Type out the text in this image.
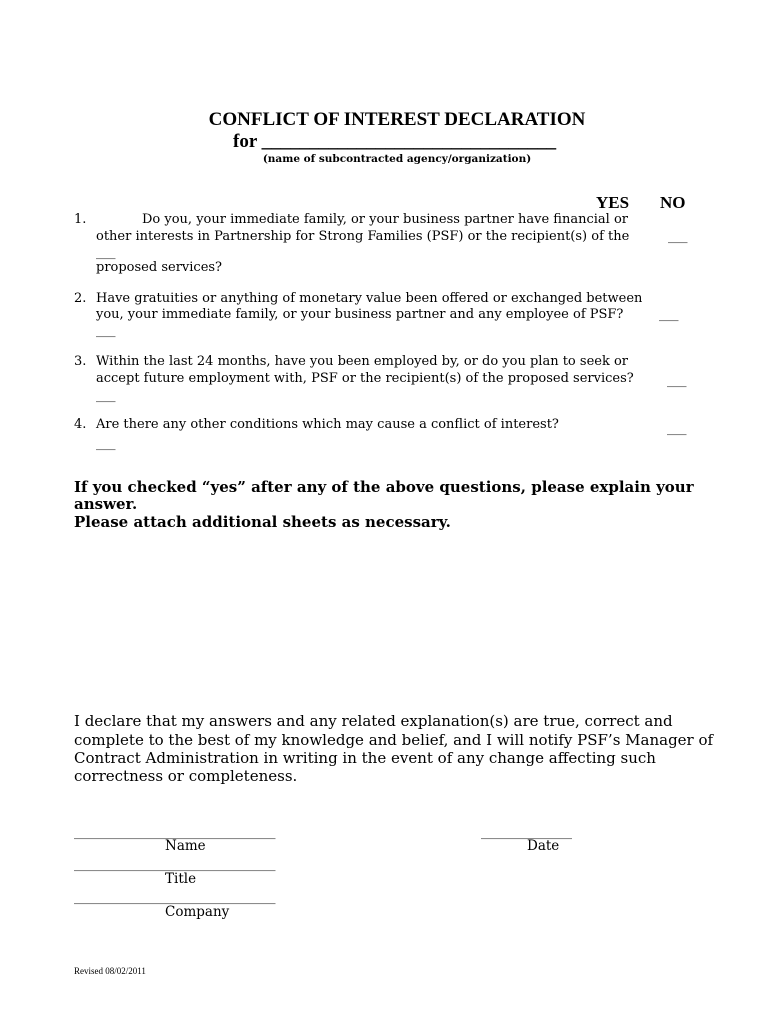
CONFLICT OF INTEREST DECLARATION
for _______________________________
(name of subcontracted agency/organization)
YES NO
1.	Do you, your immediate family, or your business partner have financial or
other interests in Partnership for Strong Families (PSF) or the recipient(s) of the	___
___
proposed services?
2. Have gratuities or anything of monetary value been offered or exchanged between
you, your immediate family, or your business partner and any employee of PSF?	___
___
3. Within the last 24 months, have you been employed by, or do you plan to seek or
accept future employment with, PSF or the recipient(s) of the proposed services?	___
___
4. Are there any other conditions which may cause a conflict of interest?	___
___
If you checked “yes” after any of the above questions, please explain your
answer.
Please attach additional sheets as necessary.
I declare that my answers and any related explanation(s) are true, correct and
complete to the best of my knowledge and belief, and I will notify PSF’s Manager of
Contract Administration in writing in the event of any change affecting such
correctness or completeness.
_______________________________
Name
______________
Date
_______________________________
Title
_______________________________
Company
Revised 08/02/2011
